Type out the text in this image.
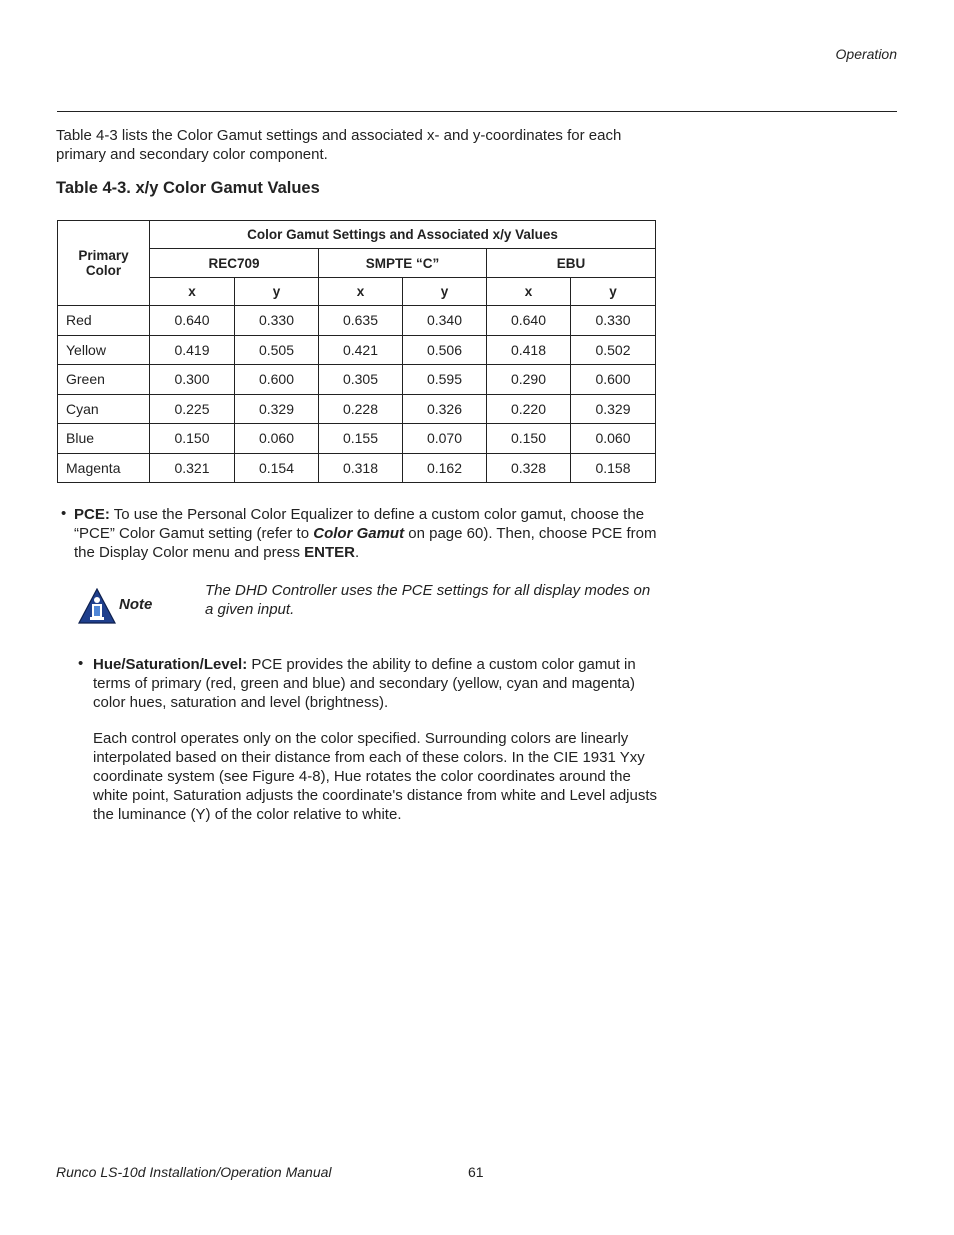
Operation
Table 4-3 lists the Color Gamut settings and associated x- and y-coordinates for each primary and secondary color component.
Table 4-3. x/y Color Gamut Values
Primary
Color	Color Gamut Settings and Associated x/y Values					
	REC709		SMPTE “C”		EBU	
	x	y	x	y	x	y
Red	0.640	0.330	0.635	0.340	0.640	0.330
Yellow	0.419	0.505	0.421	0.506	0.418	0.502
Green	0.300	0.600	0.305	0.595	0.290	0.600
Cyan	0.225	0.329	0.228	0.326	0.220	0.329
Blue	0.150	0.060	0.155	0.070	0.150	0.060
Magenta	0.321	0.154	0.318	0.162	0.328	0.158
• PCE: To use the Personal Color Equalizer to define a custom color gamut, choose the “PCE” Color Gamut setting (refer to Color Gamut on page 60). Then, choose PCE from the Display Color menu and press ENTER.
Note
The DHD Controller uses the PCE settings for all display modes on a given input.
• Hue/Saturation/Level: PCE provides the ability to define a custom color gamut in terms of primary (red, green and blue) and secondary (yellow, cyan and magenta) color hues, saturation and level (brightness).
Each control operates only on the color specified. Surrounding colors are linearly interpolated based on their distance from each of these colors. In the CIE 1931 Yxy coordinate system (see Figure 4-8), Hue rotates the color coordinates around the white point, Saturation adjusts the coordinate's distance from white and Level adjusts the luminance (Y) of the color relative to white.
Runco LS-10d Installation/Operation Manual	61
